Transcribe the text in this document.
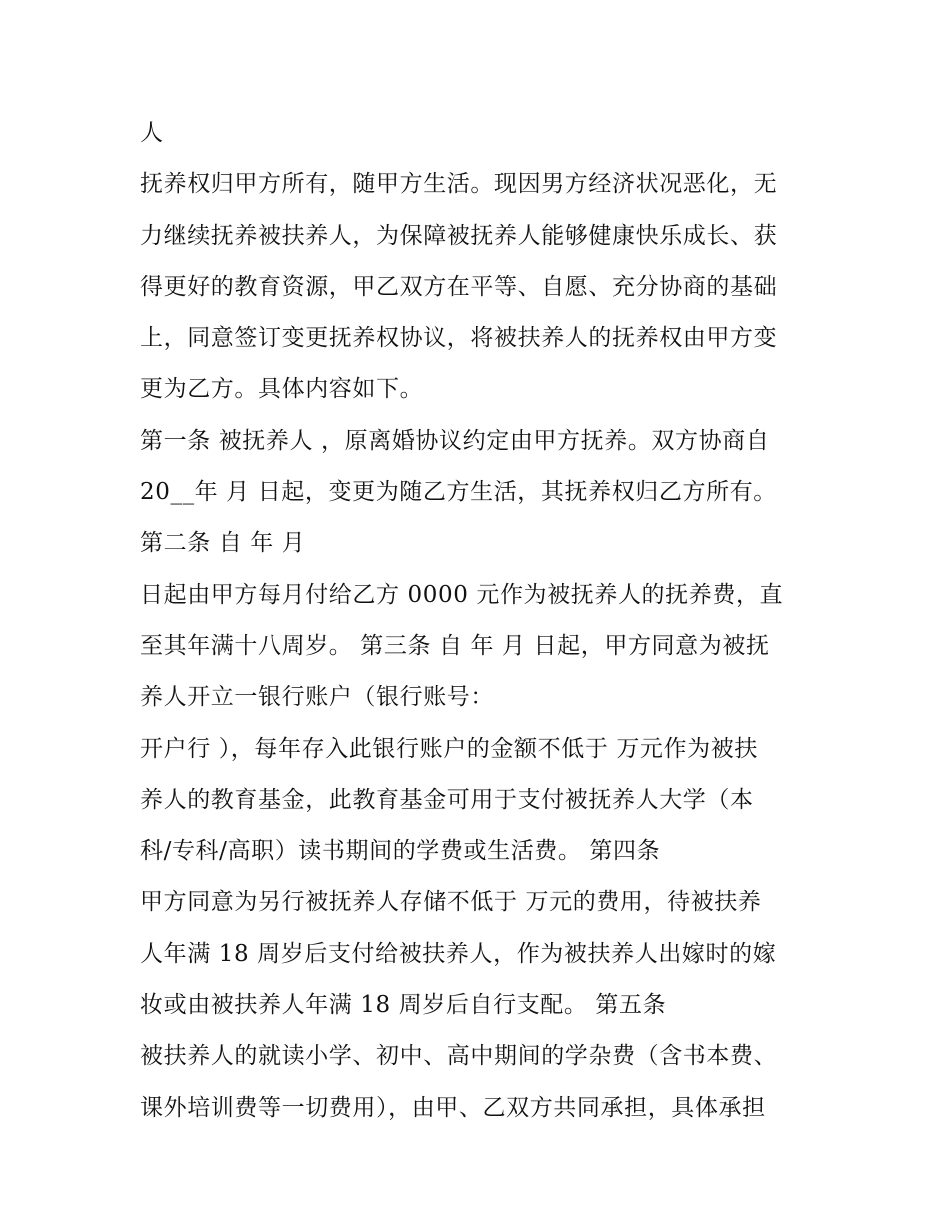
人
抚养权归甲方所有，随甲方生活。现因男方经济状况恶化，无
力继续抚养被扶养人，为保障被抚养人能够健康快乐成长、获
得更好的教育资源，甲乙双方在平等、自愿、充分协商的基础
上，同意签订变更抚养权协议，将被扶养人的抚养权由甲方变
更为乙方。具体内容如下。
第一条 被抚养人 ，原离婚协议约定由甲方抚养。双方协商自
20__年 月 日起，变更为随乙方生活，其抚养权归乙方所有。
第二条 自 年 月
日起由甲方每月付给乙方 0000 元作为被抚养人的抚养费，直
至其年满十八周岁。 第三条 自 年 月 日起，甲方同意为被抚
养人开立一银行账户（银行账号：
开户行 ），每年存入此银行账户的金额不低于 万元作为被扶
养人的教育基金，此教育基金可用于支付被抚养人大学（本
科/专科/高职）读书期间的学费或生活费。 第四条
甲方同意为另行被抚养人存储不低于 万元的费用，待被扶养
人年满 18 周岁后支付给被扶养人，作为被扶养人出嫁时的嫁
妆或由被扶养人年满 18 周岁后自行支配。 第五条
被扶养人的就读小学、初中、高中期间的学杂费（含书本费、
课外培训费等一切费用），由甲、乙双方共同承担，具体承担
